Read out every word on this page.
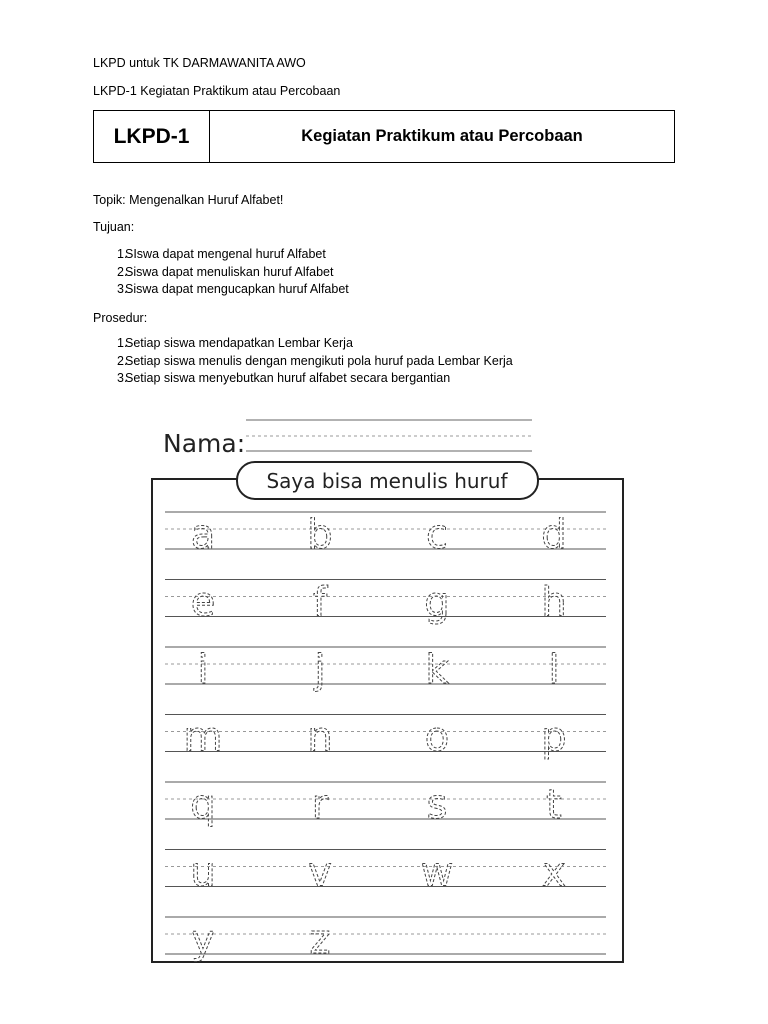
LKPD untuk TK DARMAWANITA AWO
LKPD-1 Kegiatan Praktikum atau Percobaan
LKPD-1	Kegiatan Praktikum atau Percobaan
Topik: Mengenalkan Huruf Alfabet!
Tujuan:
1.
SIswa dapat mengenal huruf Alfabet
2.
Siswa dapat menuliskan huruf Alfabet
3.
Siswa dapat mengucapkan huruf Alfabet
Prosedur:
1.
Setiap siswa mendapatkan Lembar Kerja
2.
Setiap siswa menulis dengan mengikuti pola huruf pada Lembar Kerja
3.
Setiap siswa menyebutkan huruf alfabet secara bergantian
Nama:
Saya bisa menulis huruf
a b c d
e f g h
i	j k l
m n o p
q r s t
u v w x
y z
